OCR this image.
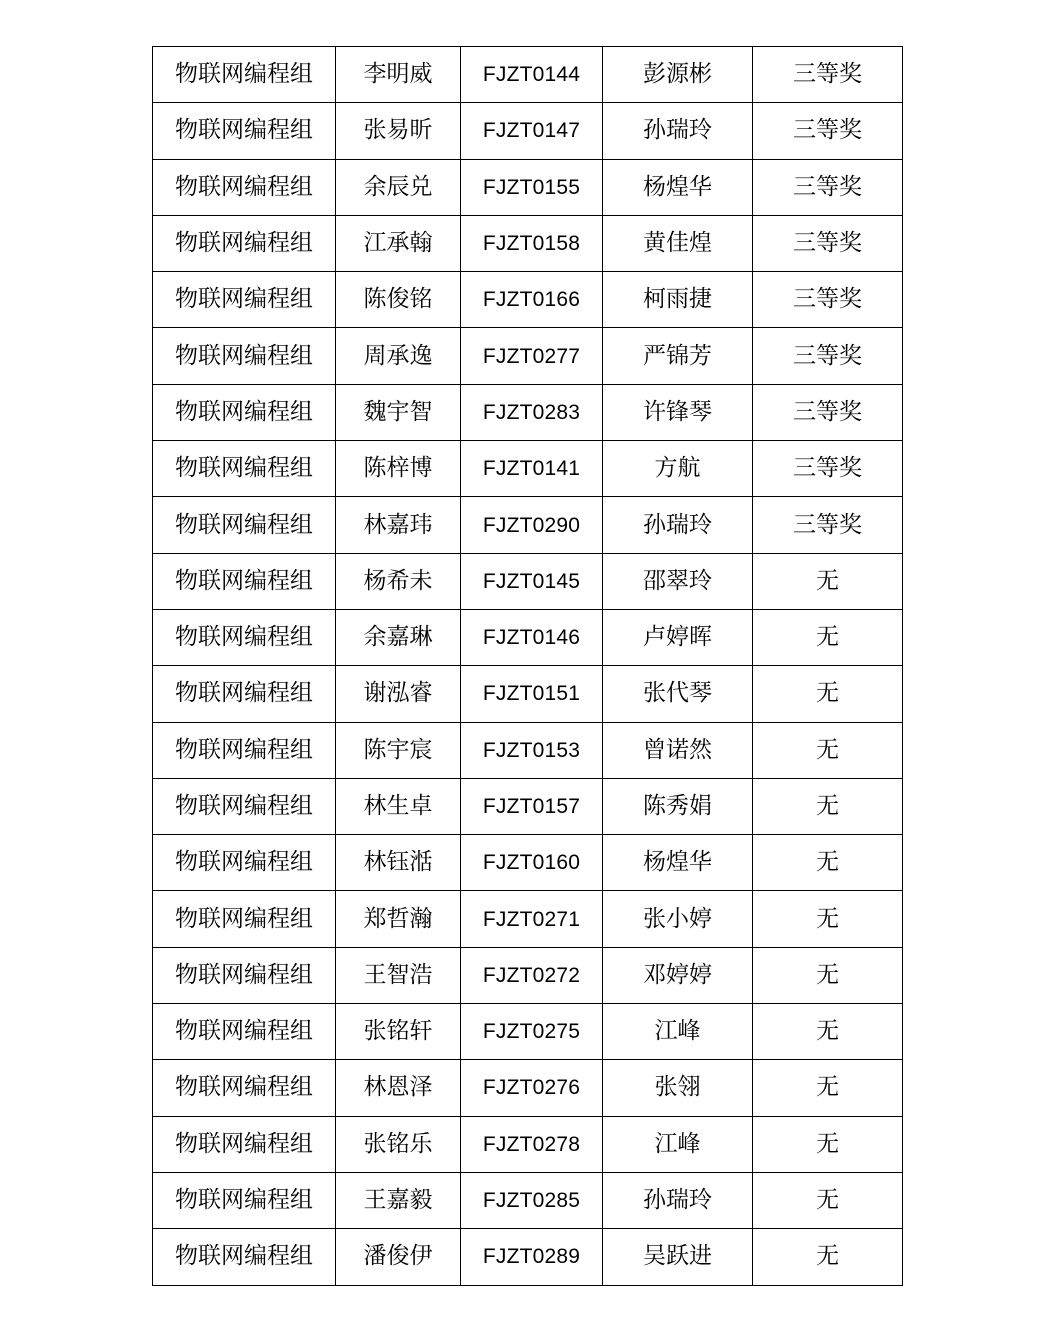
物联网编程组	李明威	FJZT0144	彭源彬	三等奖
物联网编程组	张易昕	FJZT0147	孙瑞玲	三等奖
物联网编程组	余辰兑	FJZT0155	杨煌华	三等奖
物联网编程组	江承翰	FJZT0158	黄佳煌	三等奖
物联网编程组	陈俊铭	FJZT0166	柯雨捷	三等奖
物联网编程组	周承逸	FJZT0277	严锦芳	三等奖
物联网编程组	魏宇智	FJZT0283	许锋琴	三等奖
物联网编程组	陈梓博	FJZT0141	方航	三等奖
物联网编程组	林嘉玮	FJZT0290	孙瑞玲	三等奖
物联网编程组	杨希未	FJZT0145	邵翠玲	无
物联网编程组	余嘉琳	FJZT0146	卢婷晖	无
物联网编程组	谢泓睿	FJZT0151	张代琴	无
物联网编程组	陈宇宸	FJZT0153	曾诺然	无
物联网编程组	林生卓	FJZT0157	陈秀娟	无
物联网编程组	林钰湉	FJZT0160	杨煌华	无
物联网编程组	郑哲瀚	FJZT0271	张小婷	无
物联网编程组	王智浩	FJZT0272	邓婷婷	无
物联网编程组	张铭轩	FJZT0275	江峰	无
物联网编程组	林恩泽	FJZT0276	张翎	无
物联网编程组	张铭乐	FJZT0278	江峰	无
物联网编程组	王嘉毅	FJZT0285	孙瑞玲	无
物联网编程组	潘俊伊	FJZT0289	吴跃进	无
